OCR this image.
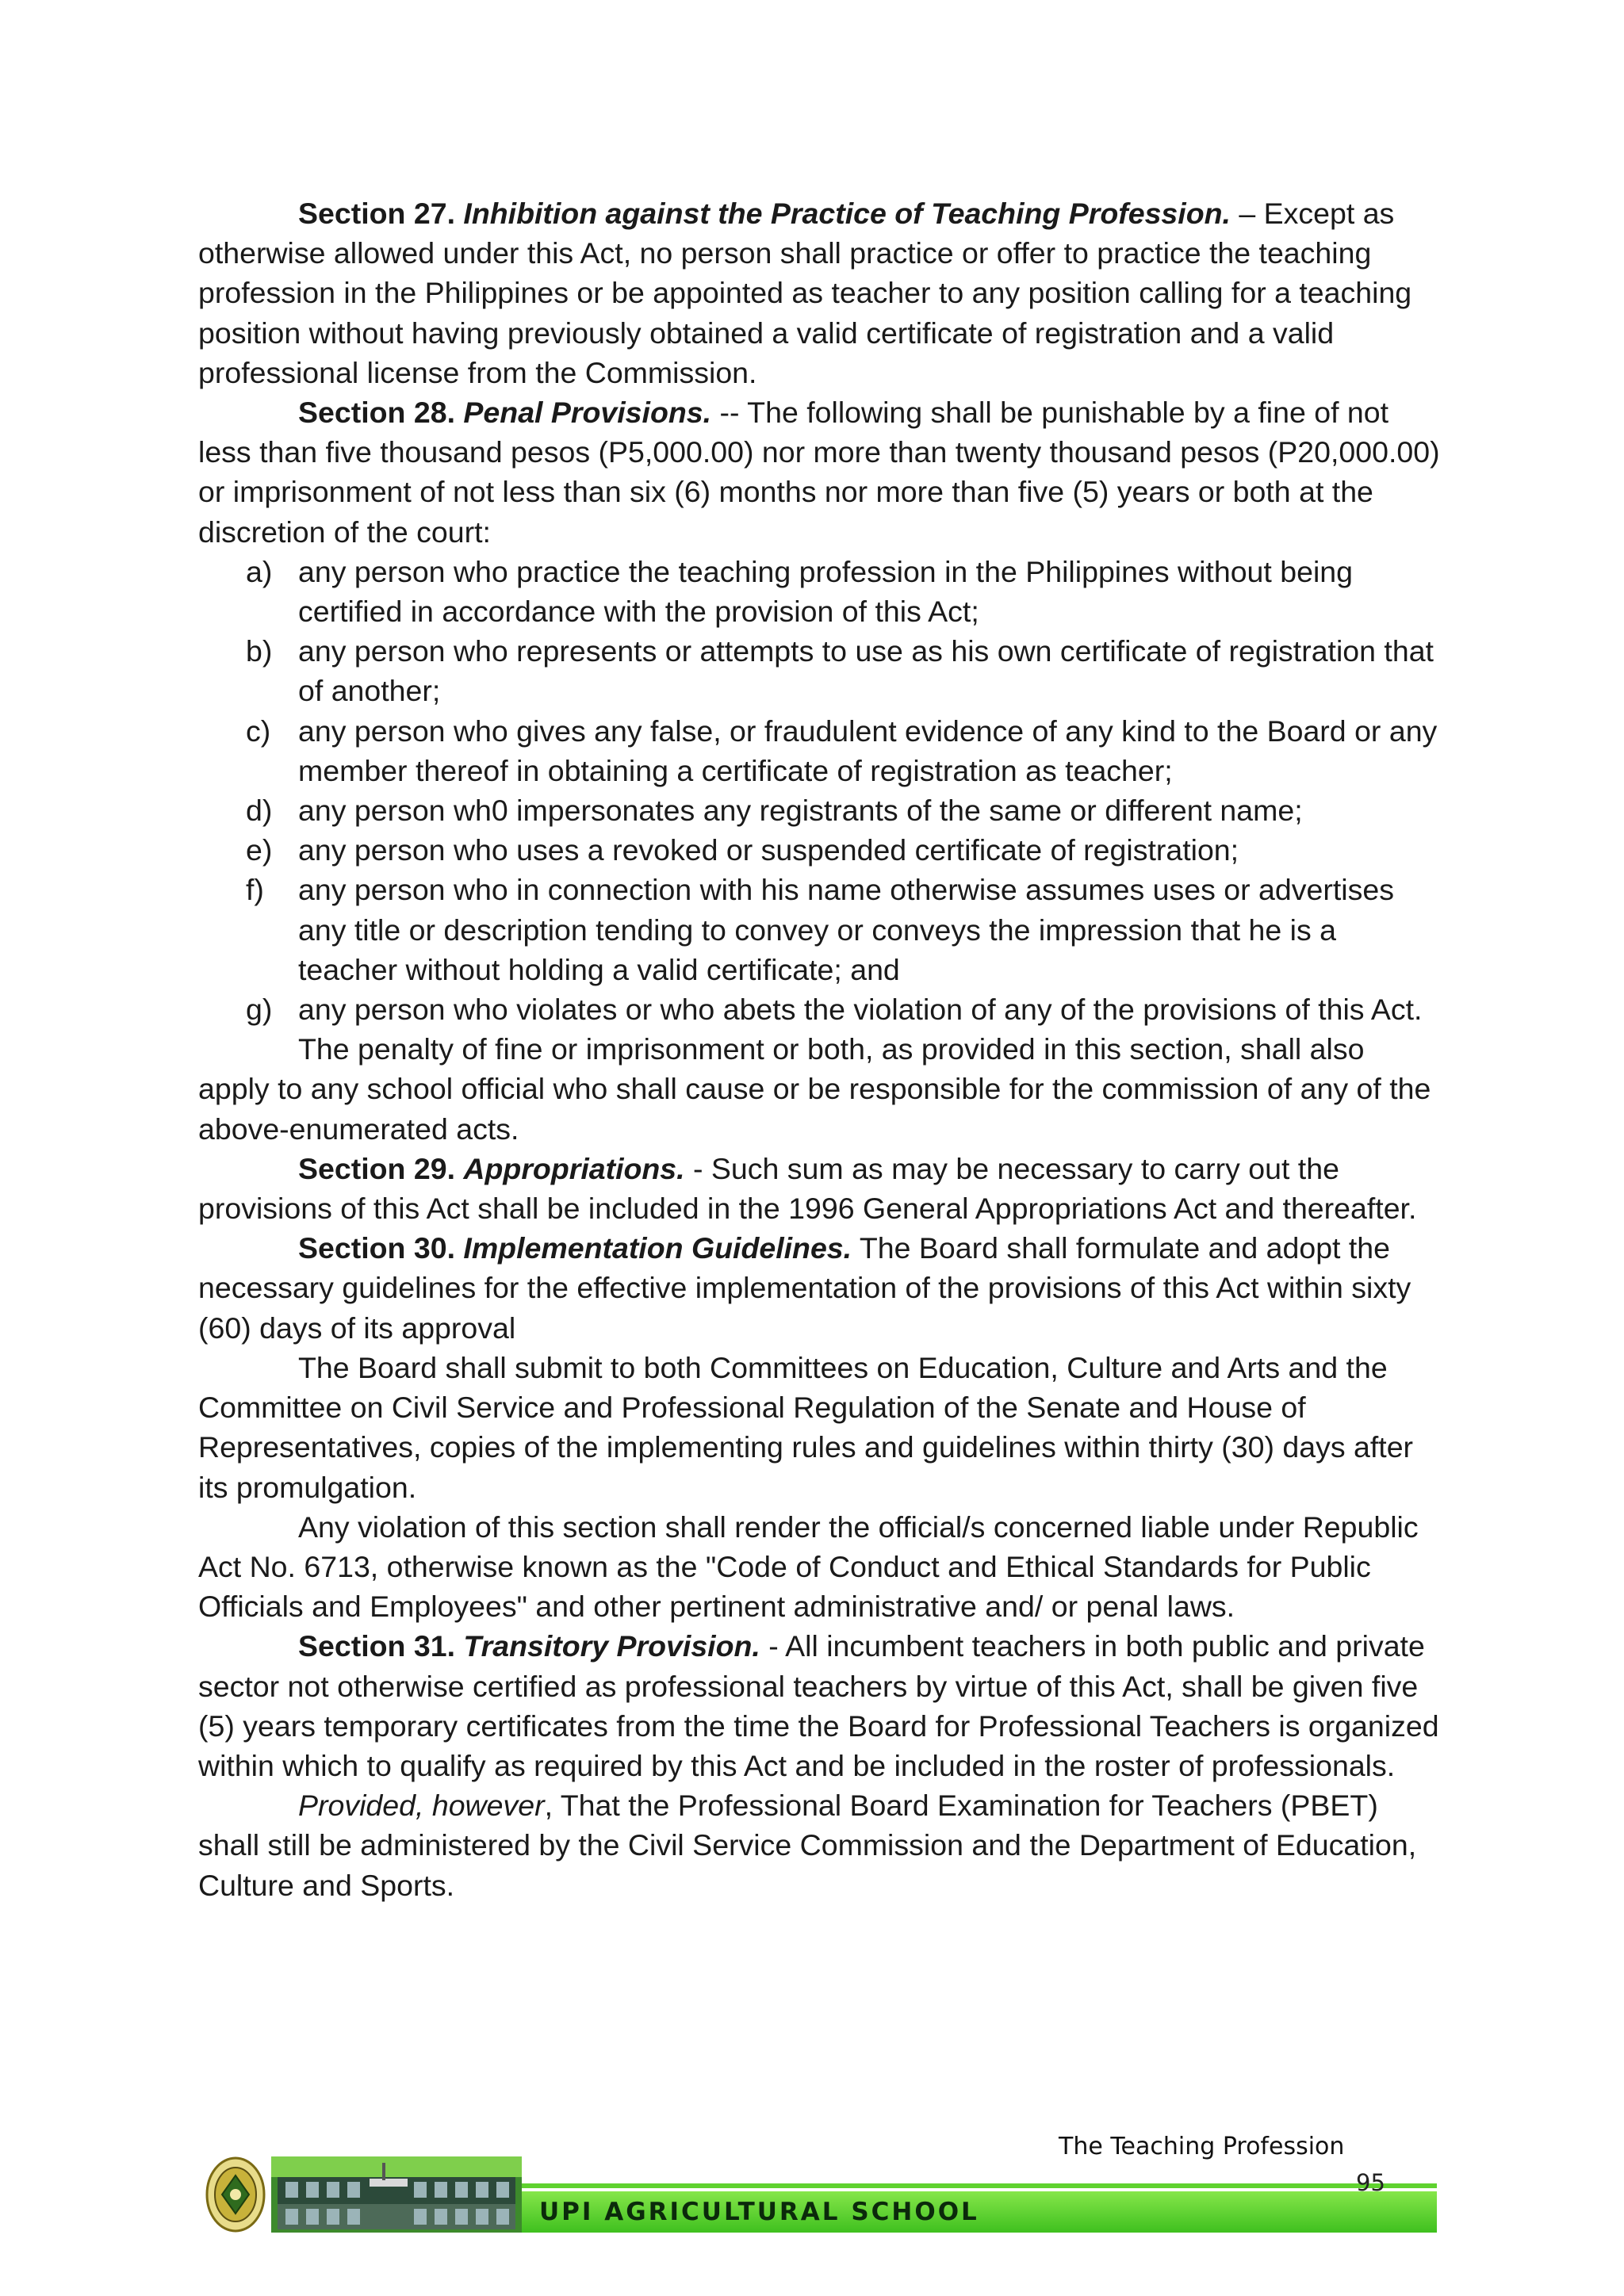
Section 27. Inhibition against the Practice of Teaching Profession. – Except as otherwise allowed under this Act, no person shall practice or offer to practice the teaching profession in the Philippines or be appointed as teacher to any position calling for a teaching position without having previously obtained a valid certificate of registration and a valid professional license from the Commission.

Section 28. Penal Provisions. -- The following shall be punishable by a fine of not less than five thousand pesos (P5,000.00) nor more than twenty thousand pesos (P20,000.00) or imprisonment of not less than six (6) months nor more than five (5) years or both at the discretion of the court:

a) any person who practice the teaching profession in the Philippines without being certified in accordance with the provision of this Act;
b) any person who represents or attempts to use as his own certificate of registration that of another;
c) any person who gives any false, or fraudulent evidence of any kind to the Board or any member thereof in obtaining a certificate of registration as teacher;
d) any person wh0 impersonates any registrants of the same or different name;
e) any person who uses a revoked or suspended certificate of registration;
f)	any person who in connection with his name otherwise assumes uses or advertises any title or description tending to convey or conveys the impression that he is a teacher without holding a valid certificate; and
g) any person who violates or who abets the violation of any of the provisions of this Act.

The penalty of fine or imprisonment or both, as provided in this section, shall also apply to any school official who shall cause or be responsible for the commission of any of the above-enumerated acts.

Section 29. Appropriations. - Such sum as may be necessary to carry out the provisions of this Act shall be included in the 1996 General Appropriations Act and thereafter.

Section 30. Implementation Guidelines. The Board shall formulate and adopt the necessary guidelines for the effective implementation of the provisions of this Act within sixty (60) days of its approval

The Board shall submit to both Committees on Education, Culture and Arts and the Committee on Civil Service and Professional Regulation of the Senate and House of Representatives, copies of the implementing rules and guidelines within thirty (30) days after its promulgation.

Any violation of this section shall render the official/s concerned liable under Republic Act No. 6713, otherwise known as the "Code of Conduct and Ethical Standards for Public Officials and Employees" and other pertinent administrative and/ or penal laws.

Section 31. Transitory Provision. - All incumbent teachers in both public and private sector not otherwise certified as professional teachers by virtue of this Act, shall be given five (5) years temporary certificates from the time the Board for Professional Teachers is organized within which to qualify as required by this Act and be included in the roster of professionals.

Provided, however, That the Professional Board Examination for Teachers (PBET) shall still be administered by the Civil Service Commission and the Department of Education, Culture and Sports.

The Teaching Profession
UPI AGRICULTURAL SCHOOL
95
